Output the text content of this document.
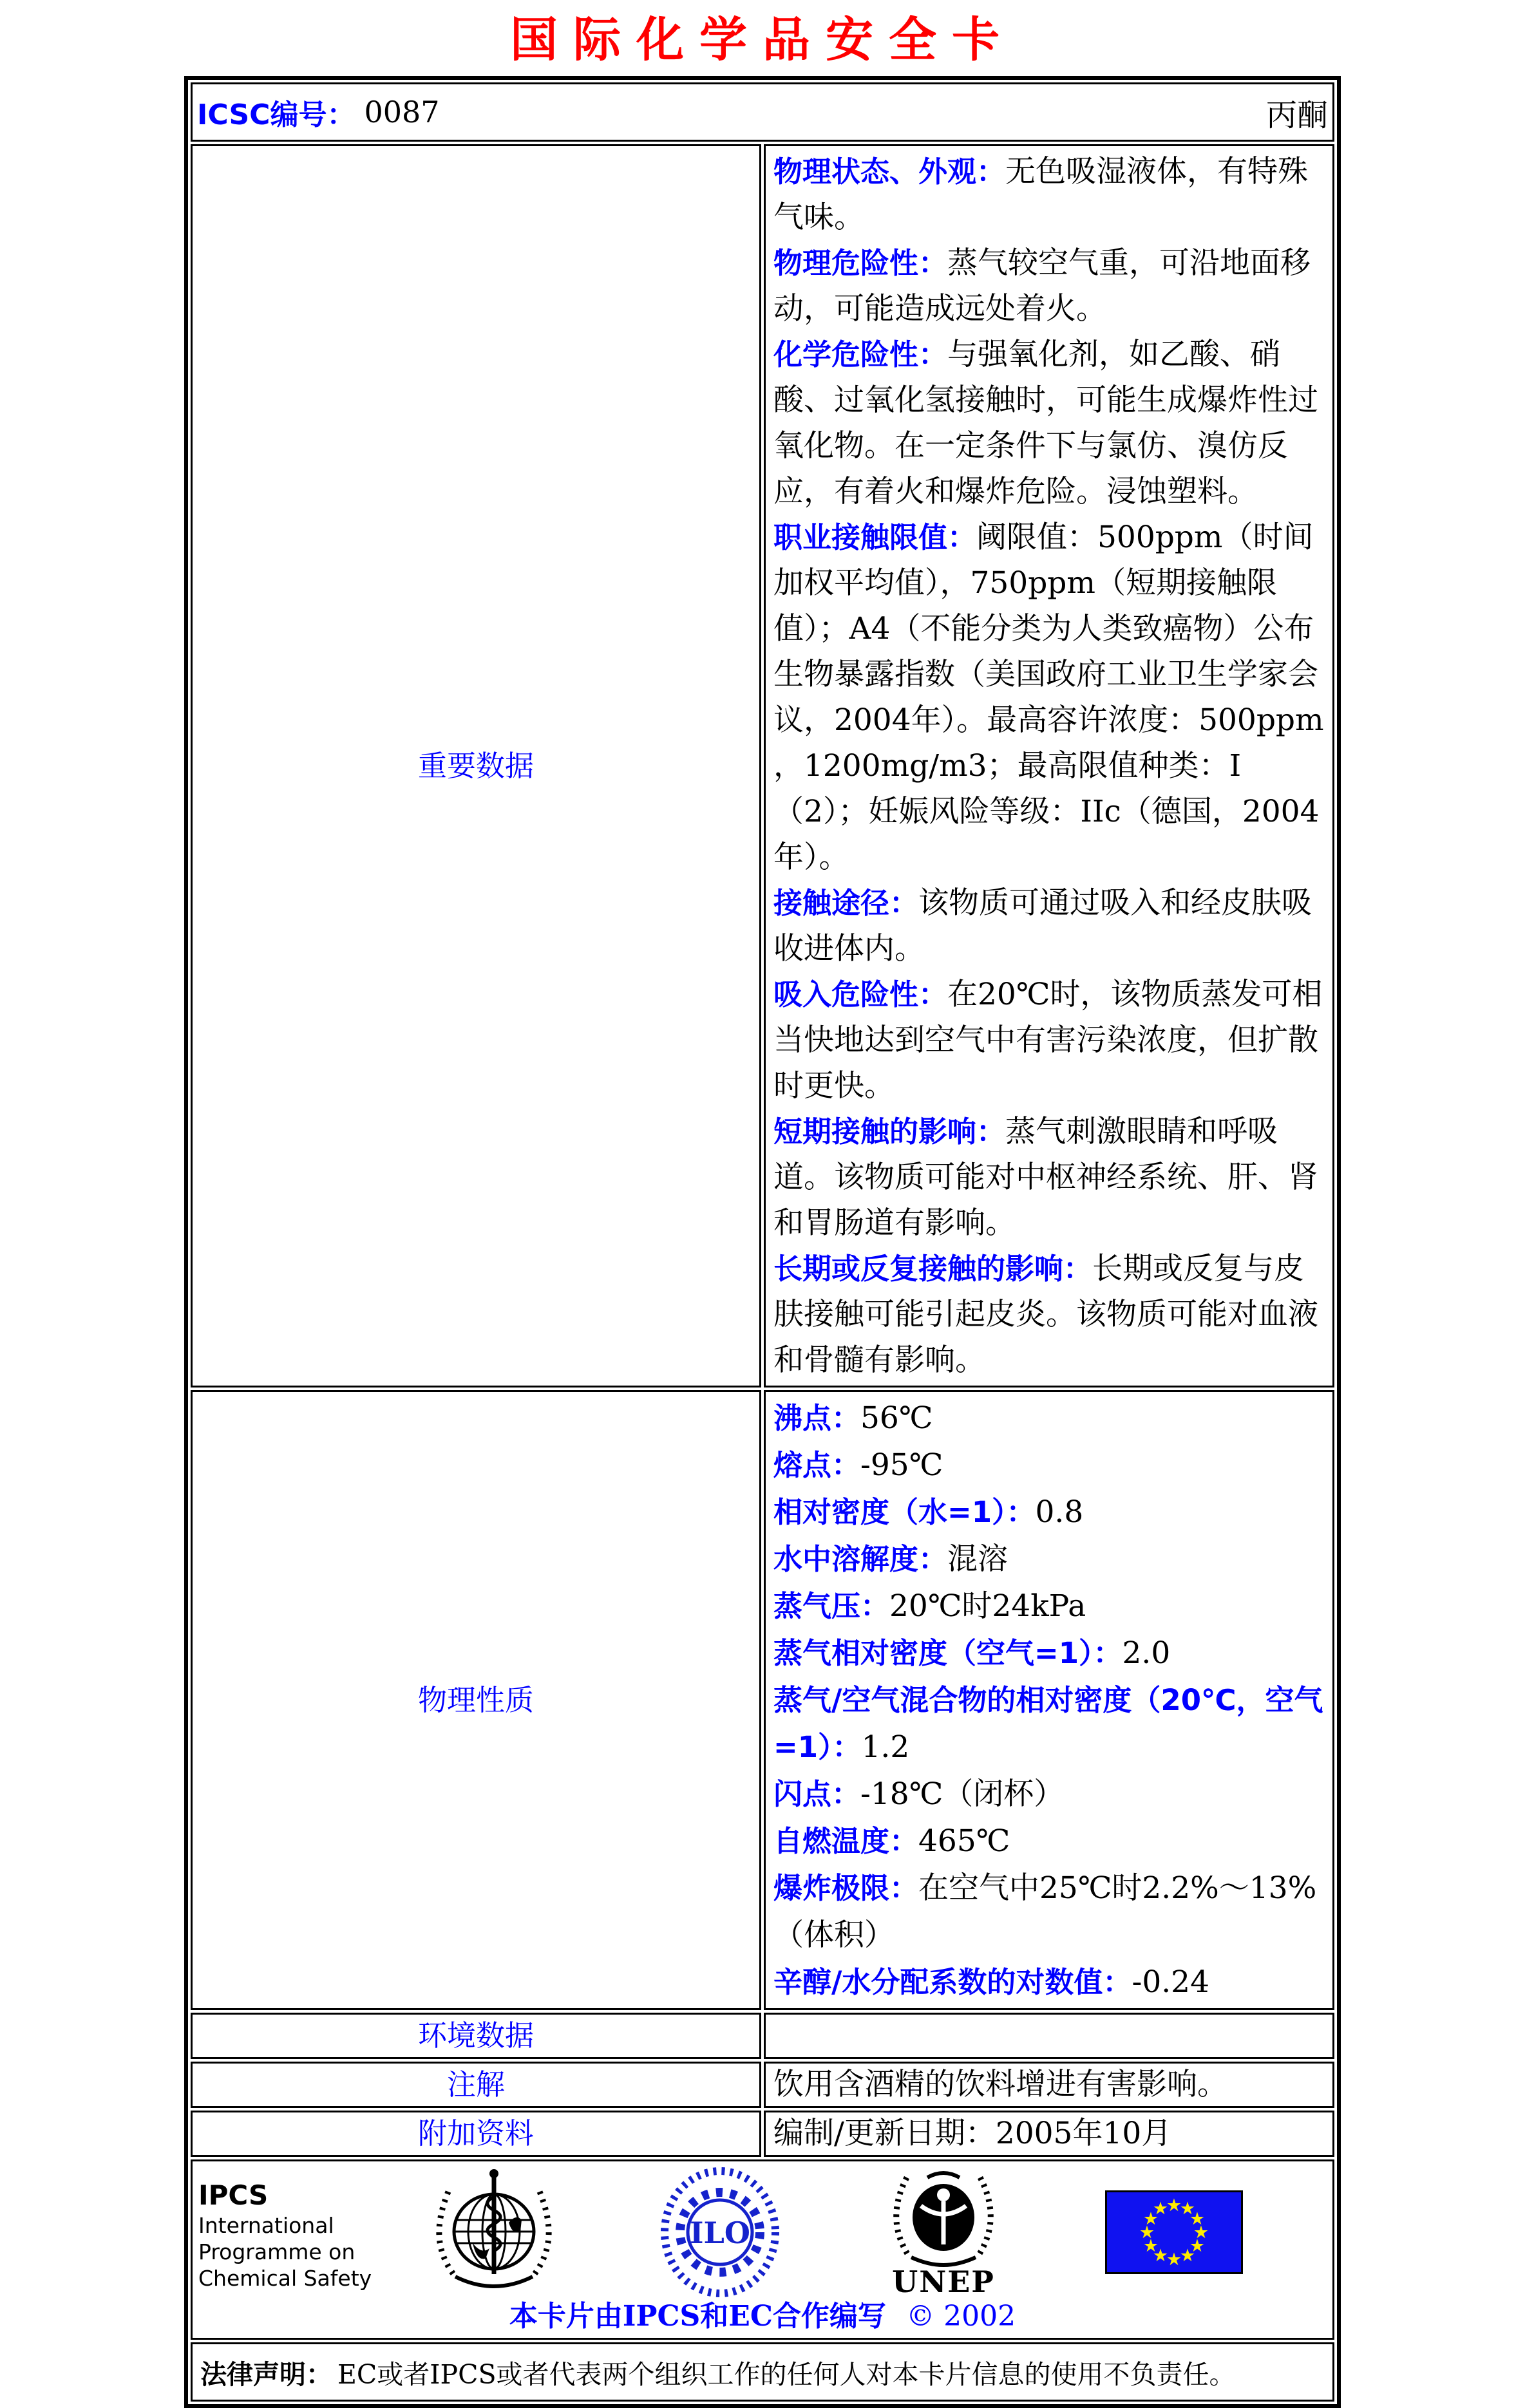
国际化学品安全卡
ICSC编号： 0087 丙酮	

重要数据	
物理状态、外观：无色吸湿液体，有特殊气味。
物理危险性：蒸气较空气重，可沿地面移动，可能造成远处着火。
化学危险性：与强氧化剂，如乙酸、硝酸、过氧化氢接触时，可能生成爆炸性过氧化物。在一定条件下与氯仿、溴仿反应，有着火和爆炸危险。浸蚀塑料。
职业接触限值：阈限值：500ppm（时间加权平均值），750ppm（短期接触限值）；A4（不能分类为人类致癌物）公布生物暴露指数（美国政府工业卫生学家会议，2004年）。最高容许浓度：500ppm ，1200mg/m3；最高限值种类：I（2）；妊娠风险等级：IIc（德国，2004年）。
接触途径：该物质可通过吸入和经皮肤吸收进体内。
吸入危险性：在20℃时，该物质蒸发可相当快地达到空气中有害污染浓度，但扩散时更快。
短期接触的影响：蒸气刺激眼睛和呼吸道。该物质可能对中枢神经系统、肝、肾和胃肠道有影响。
长期或反复接触的影响：长期或反复与皮肤接触可能引起皮炎。该物质可能对血液和骨髓有影响。

物理性质	
沸点：56℃
熔点：-95℃
相对密度（水=1）：0.8
水中溶解度：混溶
蒸气压：20℃时24kPa
蒸气相对密度（空气=1）：2.0
蒸气/空气混合物的相对密度（20℃，空气=1）：1.2
闪点：-18℃（闭杯）
自燃温度：465℃
爆炸极限：在空气中25℃时2.2%～13%（体积）
辛醇/水分配系数的对数值：-0.24

环境数据	

注解	饮用含酒精的饮料增进有害影响。

附加资料	编制/更新日期：2005年10月

IPCS
International
Programme on
Chemical Safety
ILO
UNEP
★
★
★
★
★
★
★
★
★
★
★
★
本卡片由IPCS和EC合作编写 © 2002

法律声明： EC或者IPCS或者代表两个组织工作的任何人对本卡片信息的使用不负责任。	
